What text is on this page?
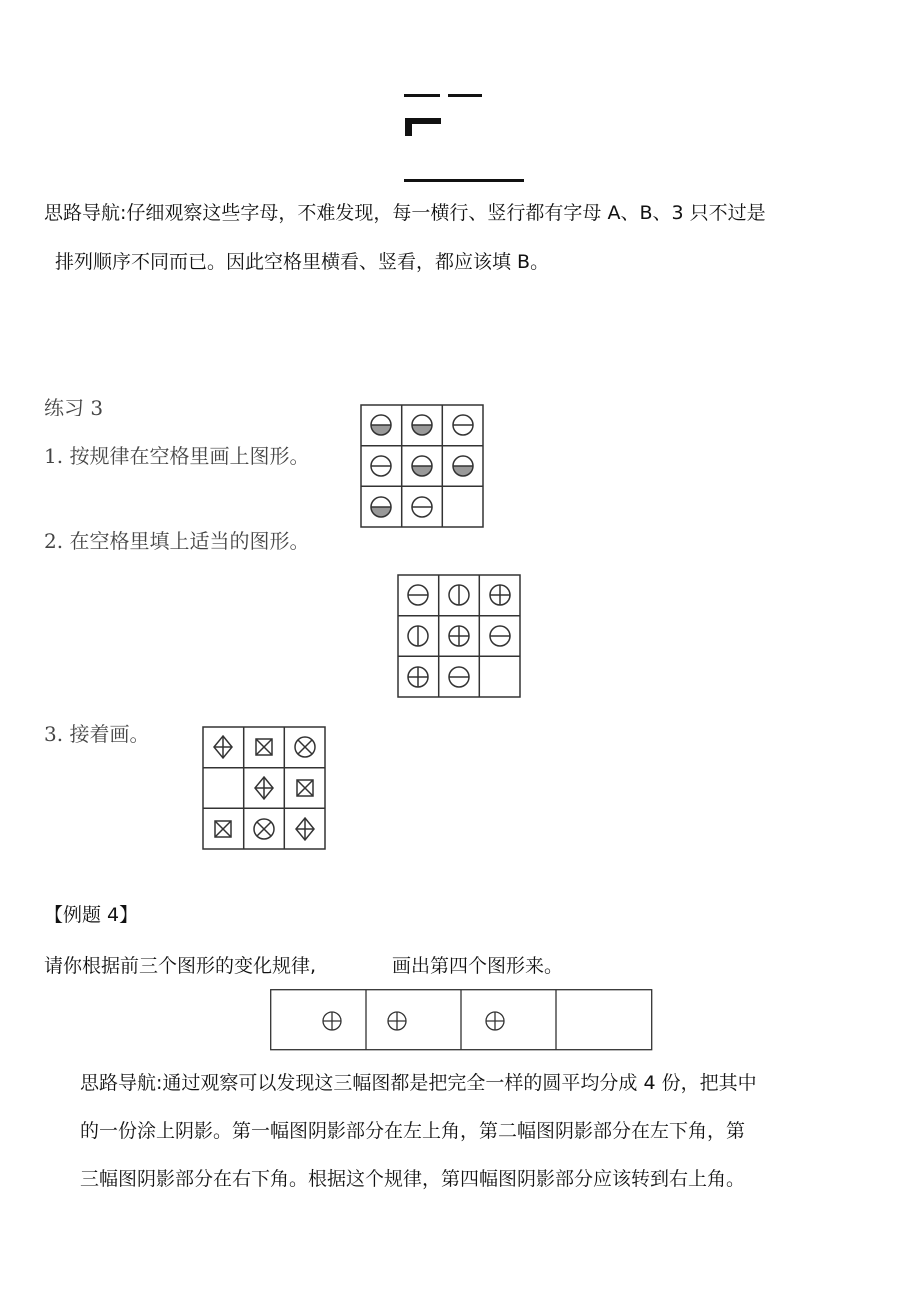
思路导航:仔细观察这些字母，不难发现，每一横行、竖行都有字母 A、B、3 只不过是
排列顺序不同而已。因此空格里横看、竖看，都应该填 B。
练习 3
1. 按规律在空格里画上图形。
2. 在空格里填上适当的图形。
3. 接着画。
【例题 4】
请你根据前三个图形的变化规律,	画出第四个图形来。
思路导航:通过观察可以发现这三幅图都是把完全一样的圆平均分成 4 份，把其中
的一份涂上阴影。第一幅图阴影部分在左上角，第二幅图阴影部分在左下角，第
三幅图阴影部分在右下角。根据这个规律，第四幅图阴影部分应该转到右上角。
